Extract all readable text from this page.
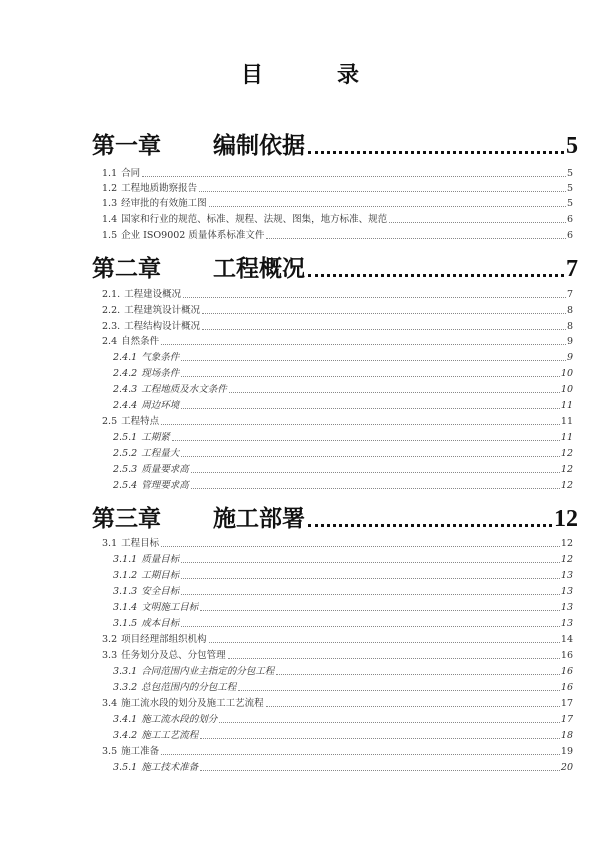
目	录
第一章	编制依据	5
1.1 合同	5
1.2 工程地质勘察报告	5
1.3 经审批的有效施工图	5
1.4 国家和行业的规范、标准、规程、法规、图集，地方标准、规范	6
1.5 企业 ISO9002 质量体系标准文件	6
第二章	工程概况	7
2.1. 工程建设概况	7
2.2. 工程建筑设计概况	8
2.3. 工程结构设计概况	8
2.4 自然条件	9
2.4.1 气象条件	9
2.4.2 现场条件	10
2.4.3 工程地质及水文条件	10
2.4.4 周边环境	11
2.5 工程特点	11
2.5.1 工期紧	11
2.5.2 工程量大	12
2.5.3 质量要求高	12
2.5.4 管理要求高	12
第三章	施工部署	12
3.1 工程目标	12
3.1.1 质量目标	12
3.1.2 工期目标	13
3.1.3 安全目标	13
3.1.4 文明施工目标	13
3.1.5 成本目标	13
3.2 项目经理部组织机构	14
3.3 任务划分及总、分包管理	16
3.3.1 合同范围内业主指定的分包工程	16
3.3.2 总包范围内的分包工程	16
3.4 施工流水段的划分及施工工艺流程	17
3.4.1 施工流水段的划分	17
3.4.2 施工工艺流程	18
3.5 施工准备	19
3.5.1 施工技术准备	20
